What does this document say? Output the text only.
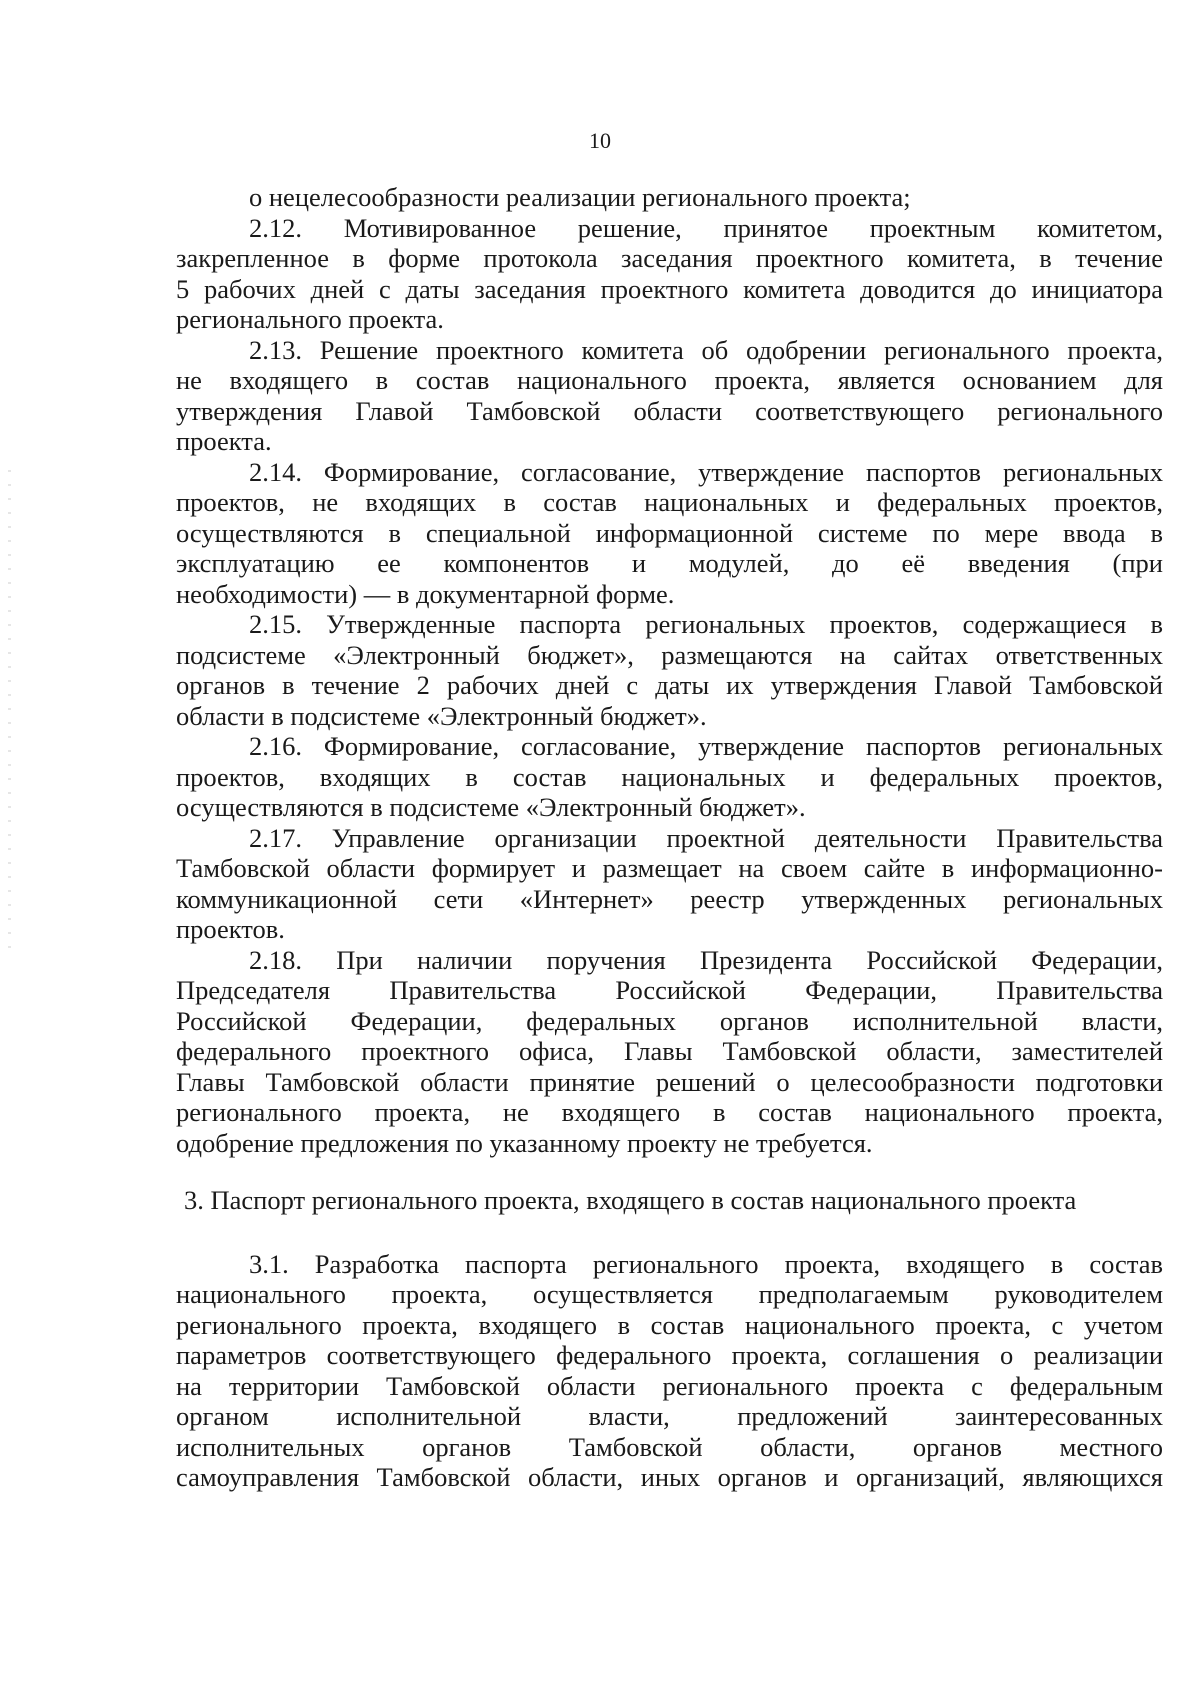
10
о нецелесообразности реализации регионального проекта;
2.12. Мотивированное решение, принятое проектным комитетом,
закрепленное в форме протокола заседания проектного комитета, в течение
5 рабочих дней с даты заседания проектного комитета доводится до инициатора
регионального проекта.
2.13. Решение проектного комитета об одобрении регионального проекта,
не входящего в состав национального проекта, является основанием для
утверждения Главой Тамбовской области соответствующего регионального
проекта.
2.14. Формирование, согласование, утверждение паспортов региональных
проектов, не входящих в состав национальных и федеральных проектов,
осуществляются в специальной информационной системе по мере ввода в
эксплуатацию ее компонентов и модулей, до её введения (при
необходимости) — в документарной форме.
2.15. Утвержденные паспорта региональных проектов, содержащиеся в
подсистеме «Электронный бюджет», размещаются на сайтах ответственных
органов в течение 2 рабочих дней с даты их утверждения Главой Тамбовской
области в подсистеме «Электронный бюджет».
2.16. Формирование, согласование, утверждение паспортов региональных
проектов, входящих в состав национальных и федеральных проектов,
осуществляются в подсистеме «Электронный бюджет».
2.17. Управление организации проектной деятельности Правительства
Тамбовской области формирует и размещает на своем сайте в информационно-
коммуникационной сети «Интернет» реестр утвержденных региональных
проектов.
2.18. При наличии поручения Президента Российской Федерации,
Председателя Правительства Российской Федерации, Правительства
Российской Федерации, федеральных органов исполнительной власти,
федерального проектного офиса, Главы Тамбовской области, заместителей
Главы Тамбовской области принятие решений о целесообразности подготовки
регионального проекта, не входящего в состав национального проекта,
одобрение предложения по указанному проекту не требуется.
3. Паспорт регионального проекта, входящего в состав национального проекта
3.1. Разработка паспорта регионального проекта, входящего в состав
национального проекта, осуществляется предполагаемым руководителем
регионального проекта, входящего в состав национального проекта, с учетом
параметров соответствующего федерального проекта, соглашения о реализации
на территории Тамбовской области регионального проекта с федеральным
органом исполнительной власти, предложений заинтересованных
исполнительных органов Тамбовской области, органов местного
самоуправления Тамбовской области, иных органов и организаций, являющихся
